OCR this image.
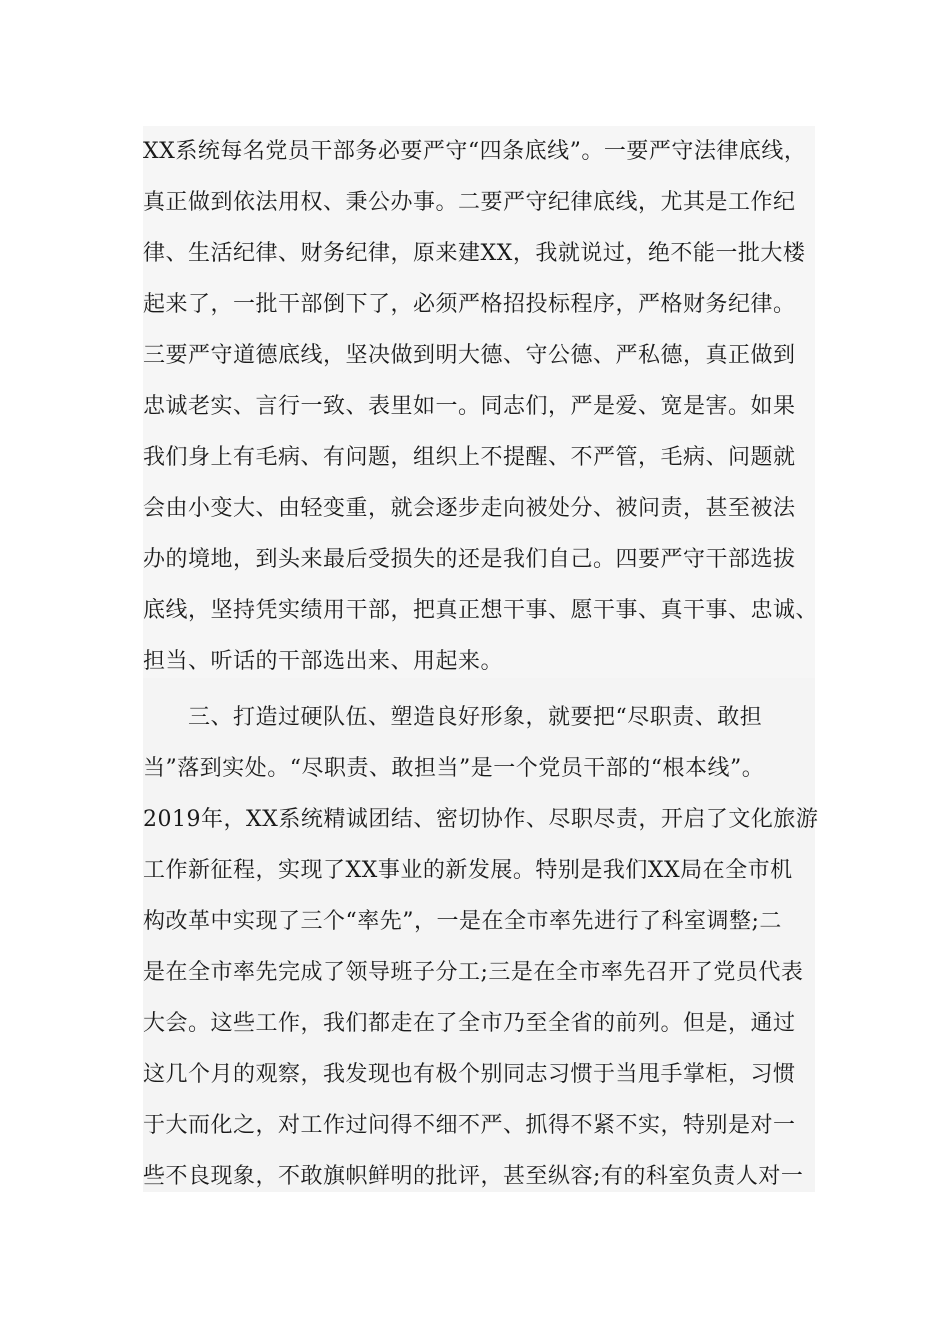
XX系统每名党员干部务必要严守“四条底线”。一要严守法律底线，
真正做到依法用权、秉公办事。二要严守纪律底线，尤其是工作纪
律、生活纪律、财务纪律，原来建XX，我就说过，绝不能一批大楼
起来了，一批干部倒下了，必须严格招投标程序，严格财务纪律。
三要严守道德底线，坚决做到明大德、守公德、严私德，真正做到
忠诚老实、言行一致、表里如一。同志们，严是爱、宽是害。如果
我们身上有毛病、有问题，组织上不提醒、不严管，毛病、问题就
会由小变大、由轻变重，就会逐步走向被处分、被问责，甚至被法
办的境地，到头来最后受损失的还是我们自己。四要严守干部选拔
底线，坚持凭实绩用干部，把真正想干事、愿干事、真干事、忠诚、
担当、听话的干部选出来、用起来。
　　三、打造过硬队伍、塑造良好形象，就要把“尽职责、敢担
当”落到实处。“尽职责、敢担当”是一个党员干部的“根本线”。
2019年，XX系统精诚团结、密切协作、尽职尽责，开启了文化旅游
工作新征程，实现了XX事业的新发展。特别是我们XX局在全市机
构改革中实现了三个“率先”，一是在全市率先进行了科室调整;二
是在全市率先完成了领导班子分工;三是在全市率先召开了党员代表
大会。这些工作，我们都走在了全市乃至全省的前列。但是，通过
这几个月的观察，我发现也有极个别同志习惯于当甩手掌柜，习惯
于大而化之，对工作过问得不细不严、抓得不紧不实，特别是对一
些不良现象，不敢旗帜鲜明的批评，甚至纵容;有的科室负责人对一
